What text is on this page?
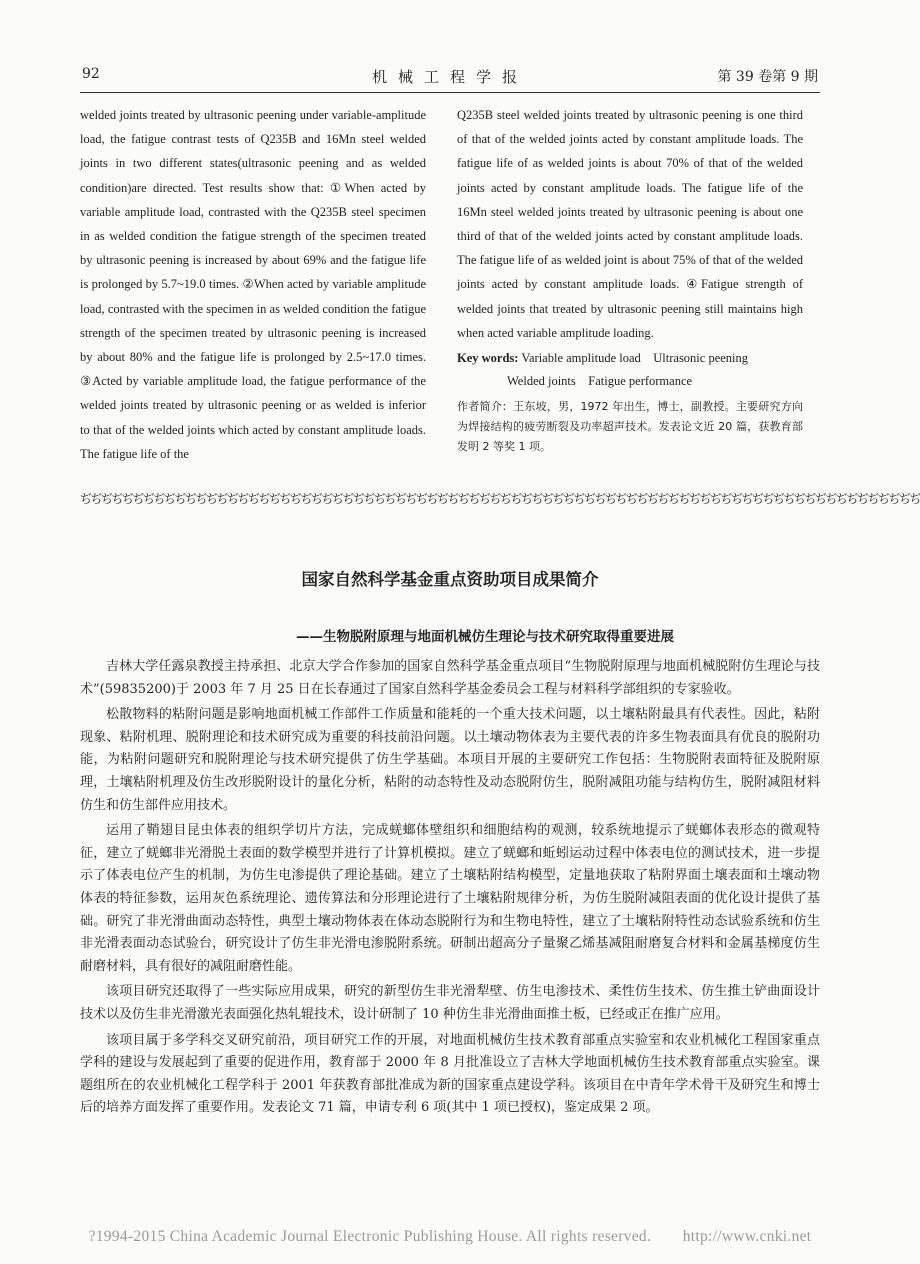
92	机械工程学报	第 39 卷第 9 期

welded joints treated by ultrasonic peening under variable-amplitude load, the fatigue contrast tests of Q235B and 16Mn steel welded joints in two different states(ultrasonic peening and as welded condition)are directed. Test results show that: ①When acted by variable amplitude load, contrasted with the Q235B steel specimen in as welded condition the fatigue strength of the specimen treated by ultrasonic peening is increased by about 69% and the fatigue life is prolonged by 5.7~19.0 times. ②When acted by variable amplitude load, contrasted with the specimen in as welded condition the fatigue strength of the specimen treated by ultrasonic peening is increased by about 80% and the fatigue life is prolonged by 2.5~17.0 times. ③Acted by variable amplitude load, the fatigue performance of the welded joints treated by ultrasonic peening or as welded is inferior to that of the welded joints which acted by constant amplitude loads. The fatigue life of the

Q235B steel welded joints treated by ultrasonic peening is one third of that of the welded joints acted by constant amplitude loads. The fatigue life of as welded joints is about 70% of that of the welded joints acted by constant amplitude loads. The fatigue life of the 16Mn steel welded joints treated by ultrasonic peening is about one third of that of the welded joints acted by constant amplitude loads. The fatigue life of as welded joint is about 75% of that of the welded joints acted by constant amplitude loads. ④Fatigue strength of welded joints that treated by ultrasonic peening still maintains high when acted variable amplitude loading.

Key words: Variable amplitude load　Ultrasonic peening
Welded joints　Fatigue performance

作者简介：王东坡，男，1972 年出生，博士，副教授。主要研究方向为焊接结构的疲劳断裂及功率超声技术。发表论文近 20 篇，获教育部发明 2 等奖 1 项。

ぢぢぢぢぢぢぢぢぢぢぢぢぢぢぢぢぢぢぢぢぢぢぢぢぢぢぢぢぢぢぢぢぢぢぢぢぢぢぢぢぢぢぢぢぢぢぢぢぢぢぢぢぢぢぢぢぢぢぢぢぢぢぢぢぢぢぢぢぢぢぢぢぢぢぢぢぢぢぢぢ
国家自然科学基金重点资助项目成果简介
——生物脱附原理与地面机械仿生理论与技术研究取得重要进展

吉林大学任露泉教授主持承担、北京大学合作参加的国家自然科学基金重点项目“生物脱附原理与地面机械脱附仿生理论与技术”(59835200)于 2003 年 7 月 25 日在长春通过了国家自然科学基金委员会工程与材料科学部组织的专家验收。

松散物料的粘附问题是影响地面机械工作部件工作质量和能耗的一个重大技术问题，以土壤粘附最具有代表性。因此，粘附现象、粘附机理、脱附理论和技术研究成为重要的科技前沿问题。以土壤动物体表为主要代表的许多生物表面具有优良的脱附功能，为粘附问题研究和脱附理论与技术研究提供了仿生学基础。本项目开展的主要研究工作包括：生物脱附表面特征及脱附原理，土壤粘附机理及仿生改形脱附设计的量化分析，粘附的动态特性及动态脱附仿生，脱附减阻功能与结构仿生，脱附减阻材料仿生和仿生部件应用技术。

运用了鞘翅目昆虫体表的组织学切片方法，完成蜣螂体壁组织和细胞结构的观测，较系统地提示了蜣螂体表形态的微观特征，建立了蜣螂非光滑脱土表面的数学模型并进行了计算机模拟。建立了蜣螂和蚯蚓运动过程中体表电位的测试技术，进一步提示了体表电位产生的机制，为仿生电渗提供了理论基础。建立了土壤粘附结构模型，定量地获取了粘附界面土壤表面和土壤动物体表的特征参数，运用灰色系统理论、遗传算法和分形理论进行了土壤粘附规律分析，为仿生脱附减阻表面的优化设计提供了基础。研究了非光滑曲面动态特性，典型土壤动物体表在体动态脱附行为和生物电特性，建立了土壤粘附特性动态试验系统和仿生非光滑表面动态试验台，研究设计了仿生非光滑电渗脱附系统。研制出超高分子量聚乙烯基减阻耐磨复合材料和金属基梯度仿生耐磨材料，具有很好的减阻耐磨性能。

该项目研究还取得了一些实际应用成果，研究的新型仿生非光滑犁壁、仿生电渗技术、柔性仿生技术、仿生推土铲曲面设计技术以及仿生非光滑激光表面强化热轧辊技术，设计研制了 10 种仿生非光滑曲面推土板，已经或正在推广应用。

该项目属于多学科交叉研究前沿，项目研究工作的开展，对地面机械仿生技术教育部重点实验室和农业机械化工程国家重点学科的建设与发展起到了重要的促进作用，教育部于 2000 年 8 月批准设立了吉林大学地面机械仿生技术教育部重点实验室。课题组所在的农业机械化工程学科于 2001 年获教育部批准成为新的国家重点建设学科。该项目在中青年学术骨干及研究生和博士后的培养方面发挥了重要作用。发表论文 71 篇，申请专利 6 项(其中 1 项已授权)，鉴定成果 2 项。

?1994-2015 China Academic Journal Electronic Publishing House. All rights reserved.　　http://www.cnki.net
